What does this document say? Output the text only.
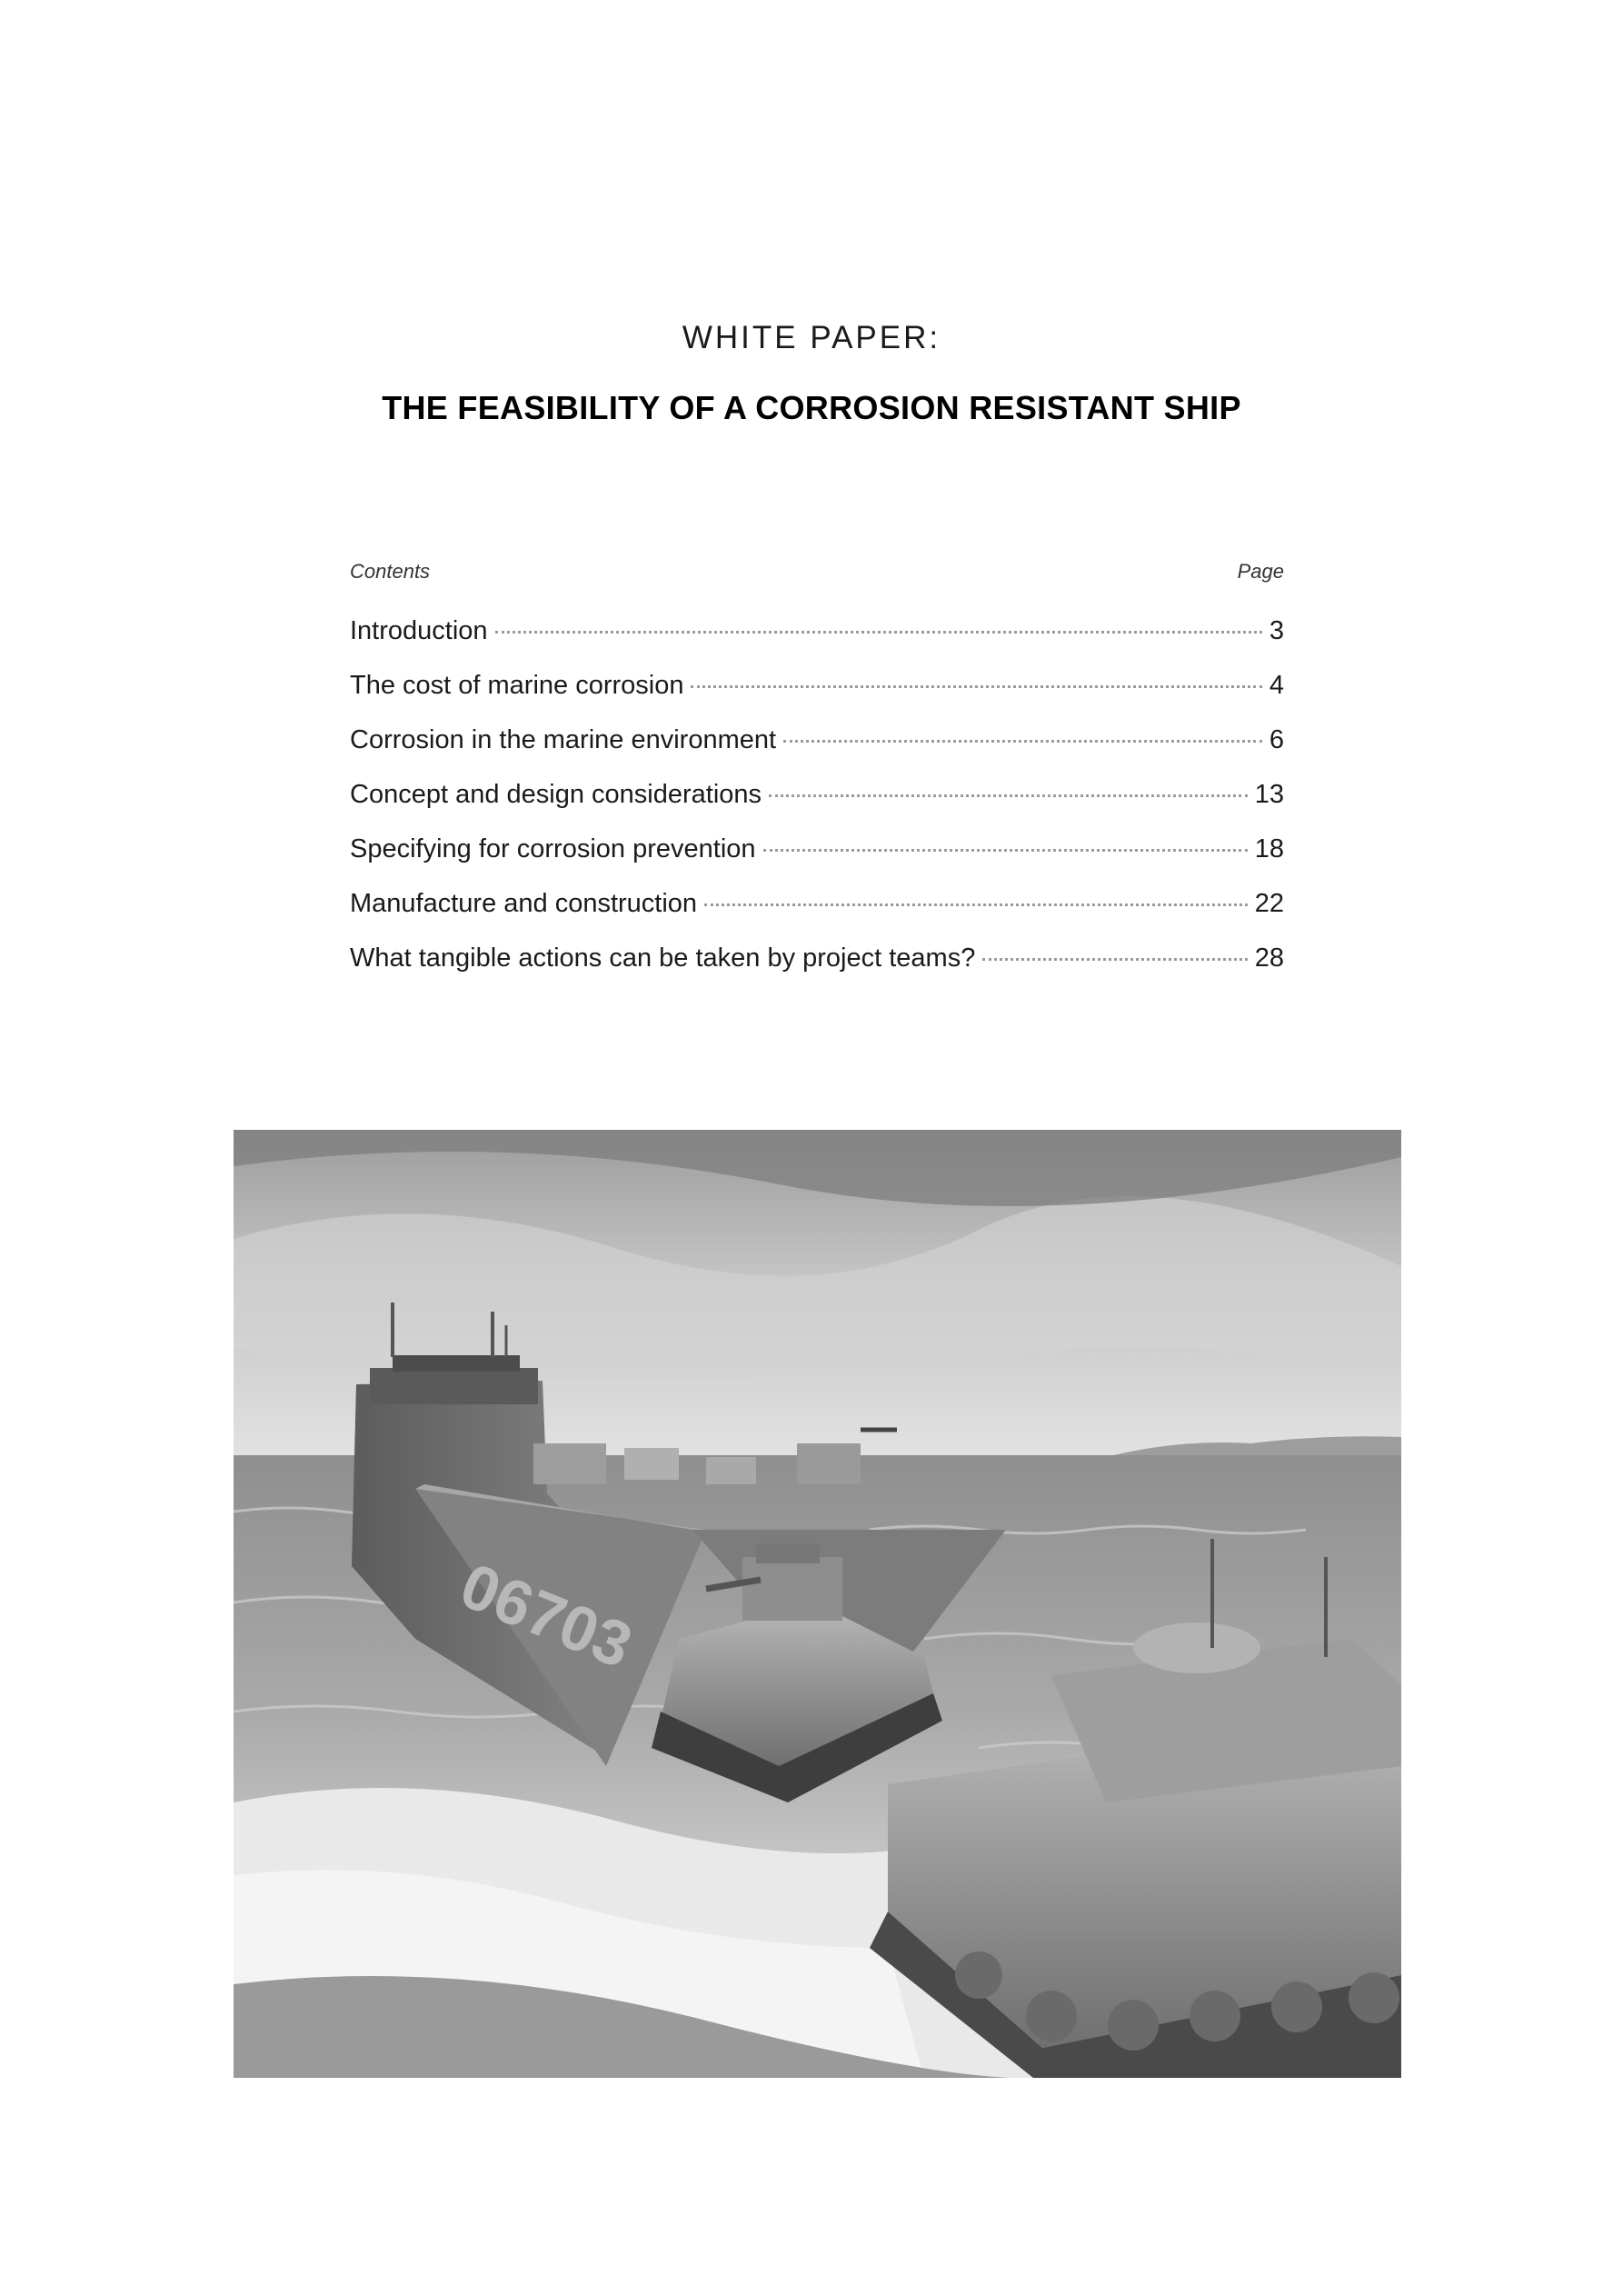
WHITE PAPER:
THE FEASIBILITY OF A CORROSION RESISTANT SHIP
Contents	Page
Introduction	3
The cost of marine corrosion	4
Corrosion in the marine environment	6
Concept and design considerations	13
Specifying for corrosion prevention	18
Manufacture and construction	22
What tangible actions can be taken by project teams?	28
06703
